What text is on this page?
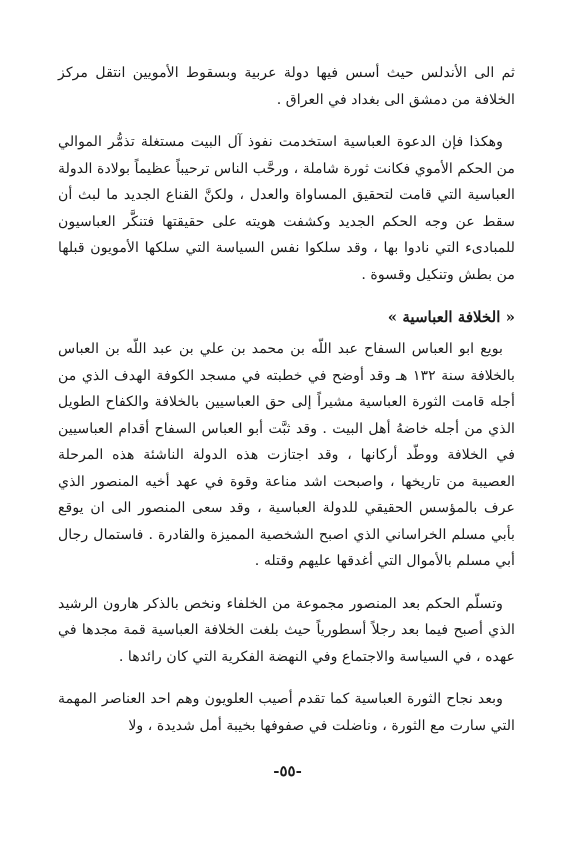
ثم الى الأندلس حيث أسس فيها دولة عربية وبسقوط الأمويين انتقل مركز الخلافة من دمشق الى بغداد في العراق .

وهكذا فإن الدعوة العباسية استخدمت نفوذ آل البيت مستغلة تذمُّر الموالي من الحكم الأموي فكانت ثورة شاملة ، ورحَّب الناس ترحيباً عظيماً بولادة الدولة العباسية التي قامت لتحقيق المساواة والعدل ، ولكنَّ القناع الجديد ما لبث أن سقط عن وجه الحكم الجديد وكشفت هويته على حقيقتها فتنكَّر العباسيون للمبادىء التي نادوا بها ، وقد سلكوا نفس السياسة التي سلكها الأمويون قبلها من بطش وتنكيل وقسوة .

« الخلافة العباسية »

بويع ابو العباس السفاح عبد اللّه بن محمد بن علي بن عبد اللّه بن العباس بالخلافة سنة ١٣٢ هـ وقد أوضح في خطبته في مسجد الكوفة الهدف الذي من أجله قامت الثورة العباسية مشيراً إلى حق العباسيين بالخلافة والكفاح الطويل الذي من أجله خاضهُ أهل البيت . وقد ثبَّت أبو العباس السفاح أقدام العباسيين في الخلافة ووطّد أركانها ، وقد اجتازت هذه الدولة الناشئة هذه المرحلة العصيبة من تاريخها ، واصبحت اشد مناعة وقوة في عهد أخيه المنصور الذي عرف بالمؤسس الحقيقي للدولة العباسية ، وقد سعى المنصور الى ان يوقع بأبي مسلم الخراساني الذي اصبح الشخصية المميزة والقادرة . فاستمال رجال أبي مسلم بالأموال التي أغدقها عليهم وقتله .

وتسلّم الحكم بعد المنصور مجموعة من الخلفاء ونخص بالذكر هارون الرشيد الذي أصبح فيما بعد رجلاً أسطورياً حيث بلغت الخلافة العباسية قمة مجدها في عهده ، في السياسة والاجتماع وفي النهضة الفكرية التي كان رائدها .

وبعد نجاح الثورة العباسية كما تقدم أصيب العلويون وهم احد العناصر المهمة التي سارت مع الثورة ، وناضلت في صفوفها بخيبة أمل شديدة ، ولا

-٥٥-
